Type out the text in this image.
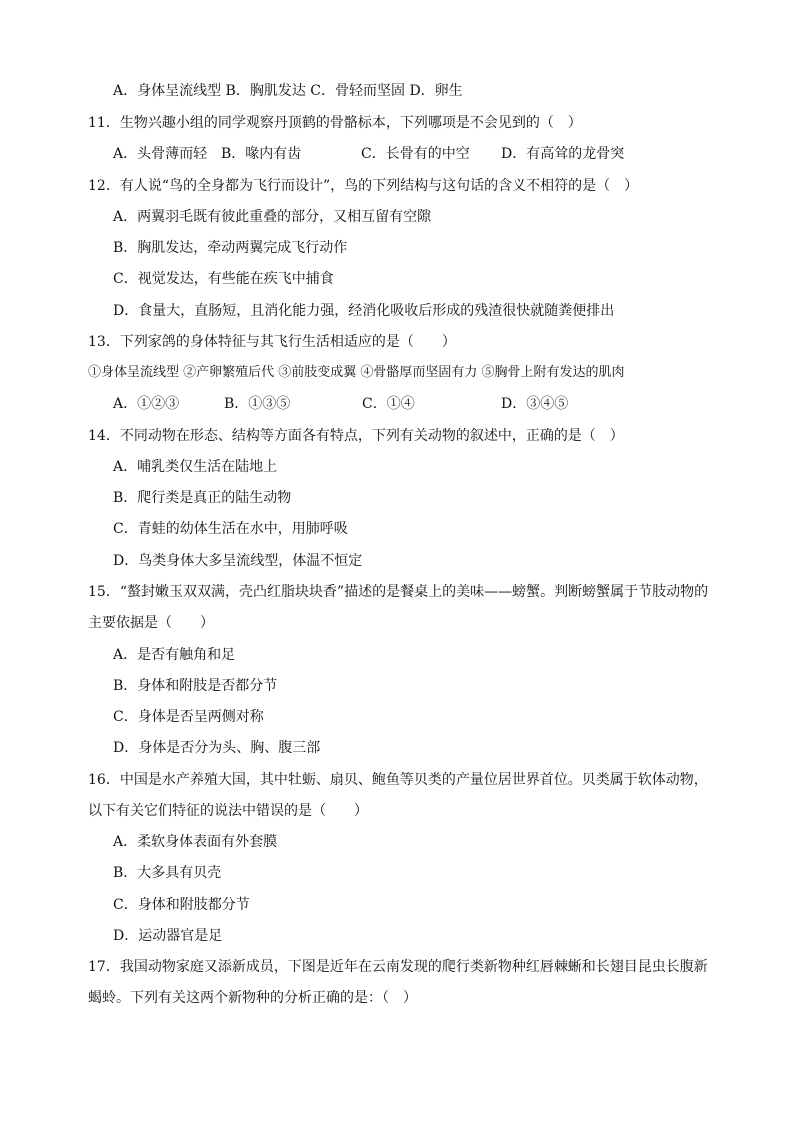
A．身体呈流线型 B．胸肌发达 C．骨轻而坚固 D．卵生
11．生物兴趣小组的同学观察丹顶鹤的骨骼标本，下列哪项是不会见到的（　）
A．头骨薄而轻 B．喙内有齿	C．长骨有的中空	D．有高耸的龙骨突
12．有人说“鸟的全身都为飞行而设计”，鸟的下列结构与这句话的含义不相符的是（　）
A．两翼羽毛既有彼此重叠的部分，又相互留有空隙
B．胸肌发达，牵动两翼完成飞行动作
C．视觉发达，有些能在疾飞中捕食
D．食量大，直肠短，且消化能力强，经消化吸收后形成的残渣很快就随粪便排出
13．下列家鸽的身体特征与其飞行生活相适应的是（　　）
①身体呈流线型 ②产卵繁殖后代 ③前肢变成翼 ④骨骼厚而坚固有力 ⑤胸骨上附有发达的肌肉
A．①②③	B．①③⑤	C．①④	D．③④⑤
14．不同动物在形态、结构等方面各有特点，下列有关动物的叙述中，正确的是（　）
A．哺乳类仅生活在陆地上
B．爬行类是真正的陆生动物
C．青蛙的幼体生活在水中，用肺呼吸
D．鸟类身体大多呈流线型，体温不恒定
15．“螯封嫩玉双双满，壳凸红脂块块香”描述的是餐桌上的美味——螃蟹。判断螃蟹属于节肢动物的
主要依据是（　　）
A．是否有触角和足
B．身体和附肢是否都分节
C．身体是否呈两侧对称
D．身体是否分为头、胸、腹三部
16．中国是水产养殖大国，其中牡蛎、扇贝、鲍鱼等贝类的产量位居世界首位。贝类属于软体动物，
以下有关它们特征的说法中错误的是（　　）
A．柔软身体表面有外套膜
B．大多具有贝壳
C．身体和附肢都分节
D．运动器官是足
17．我国动物家庭又添新成员，下图是近年在云南发现的爬行类新物种红唇棘蜥和长翅目昆虫长腹新
蝎蛉。下列有关这两个新物种的分析正确的是：（　）
